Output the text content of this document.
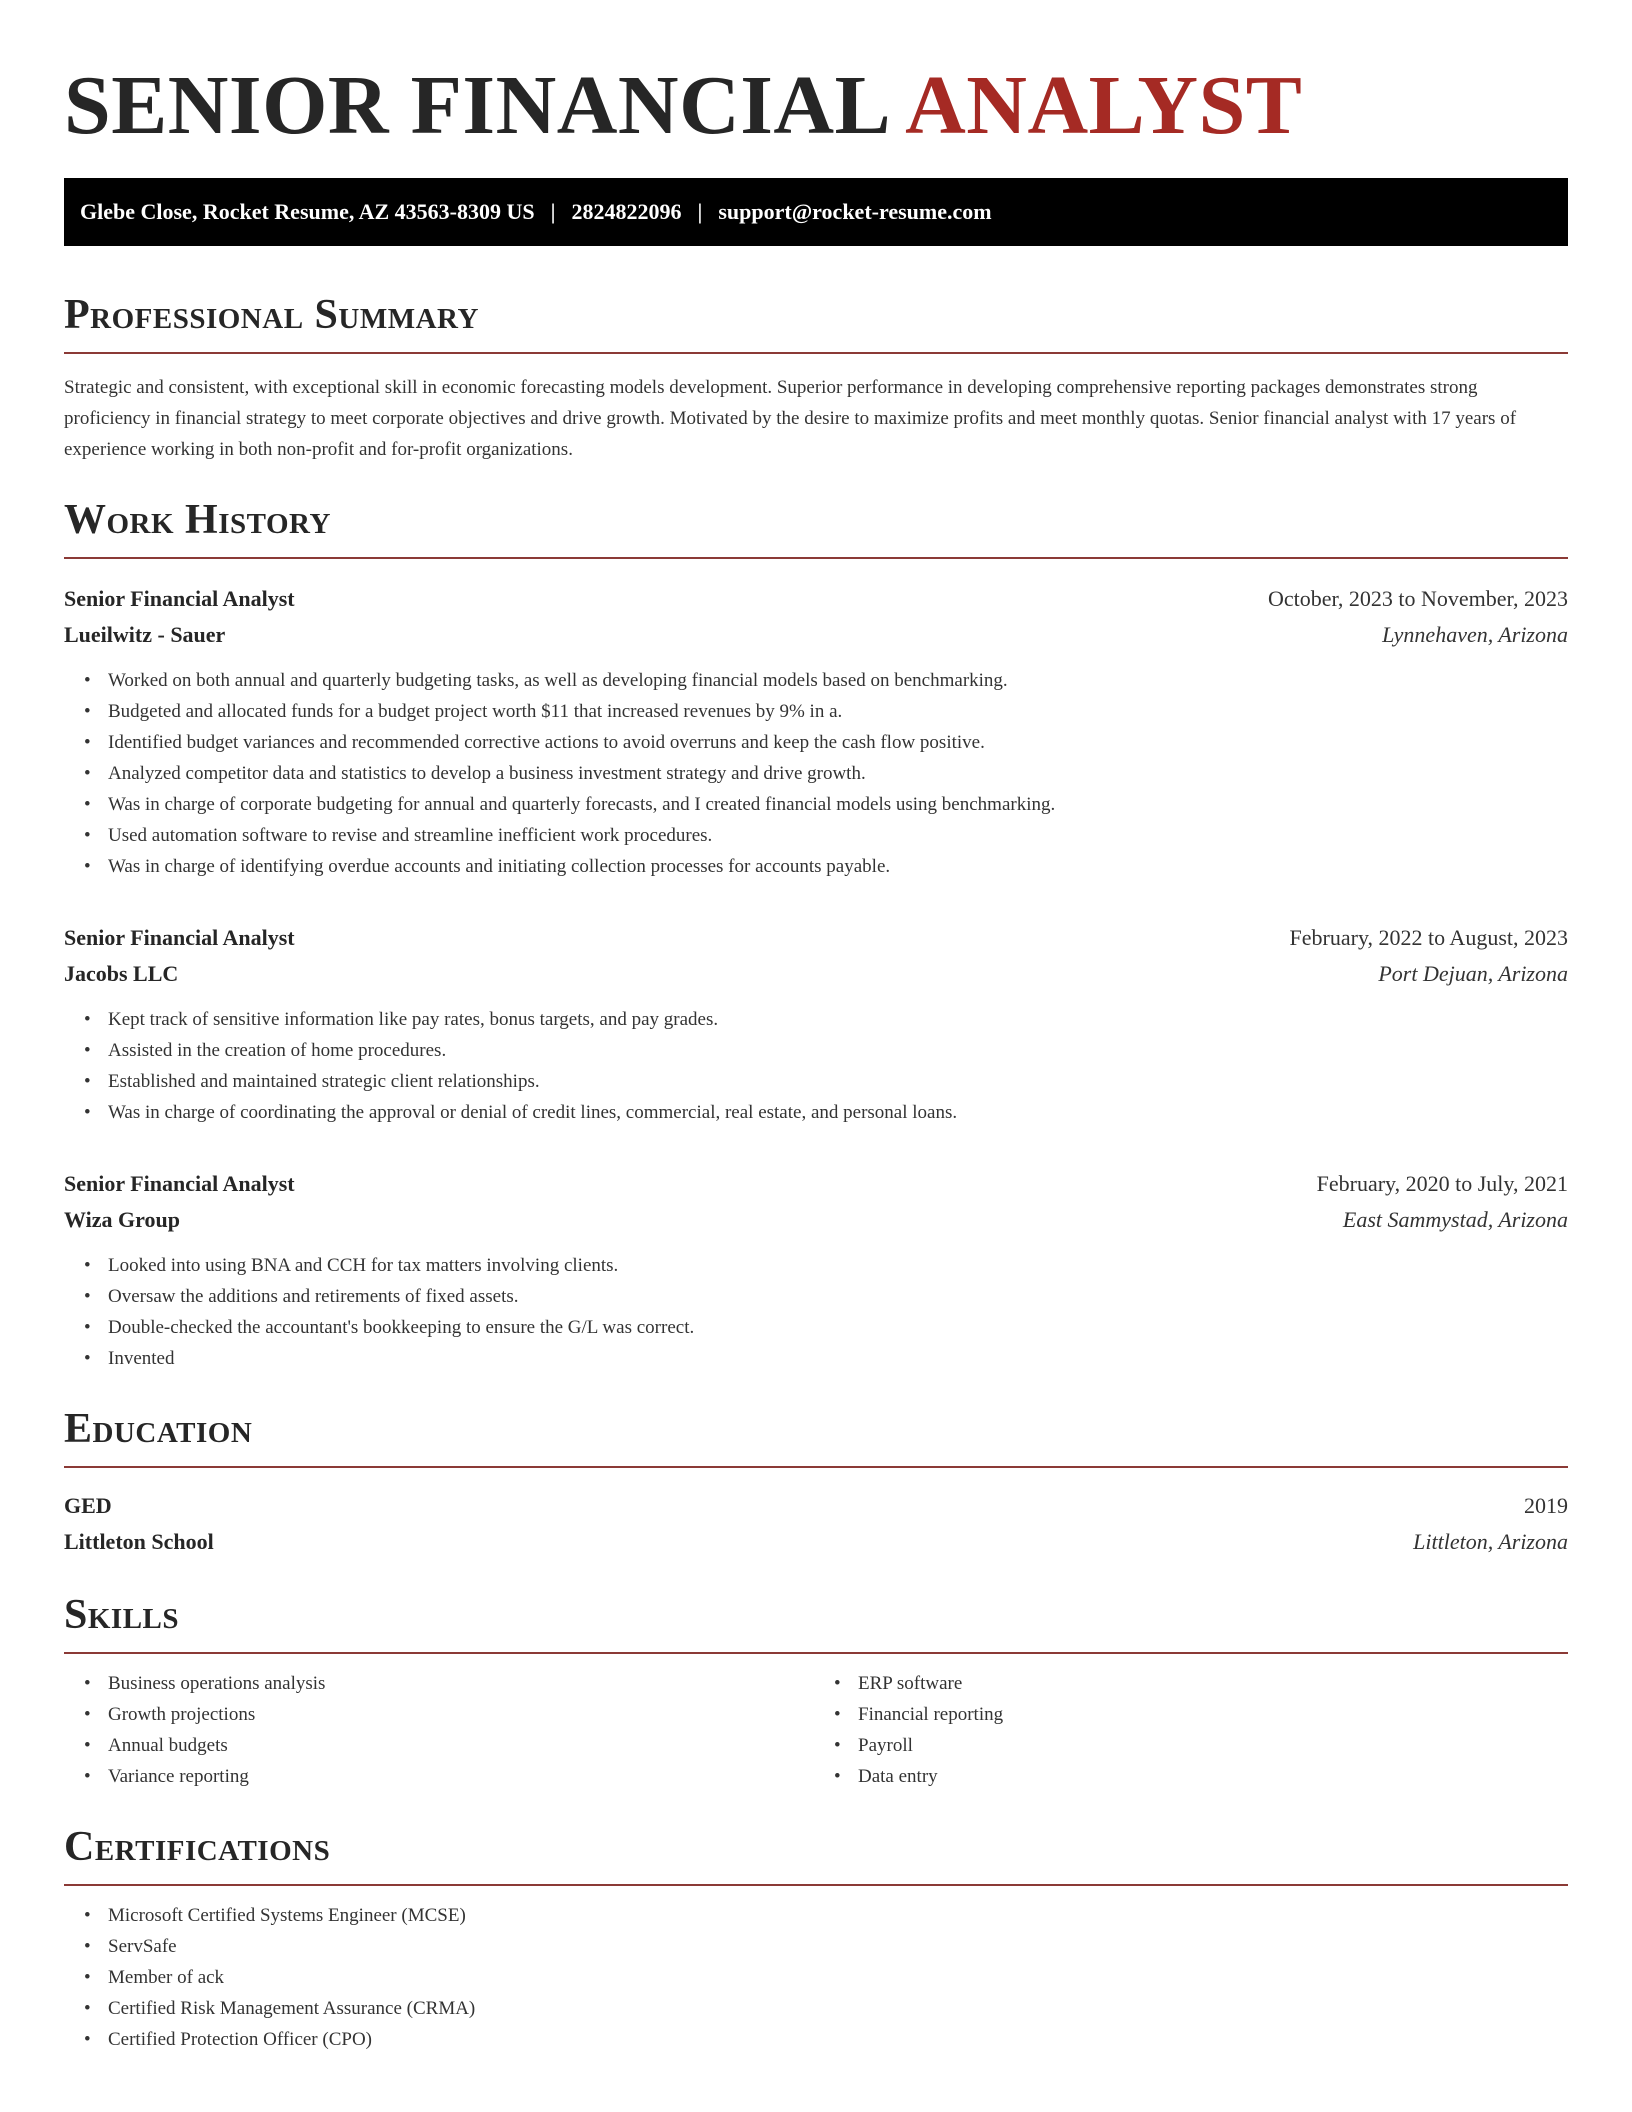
SENIOR FINANCIAL ANALYST
Glebe Close, Rocket Resume, AZ 43563-8309 US | 2824822096 | support@rocket-resume.com
Professional Summary

Strategic and consistent, with exceptional skill in economic forecasting models development. Superior performance in developing comprehensive reporting packages demonstrates strong proficiency in financial strategy to meet corporate objectives and drive growth. Motivated by the desire to maximize profits and meet monthly quotas. Senior financial analyst with 17 years of experience working in both non-profit and for-profit organizations.

Work History
Senior Financial Analyst	October, 2023 to November, 2023
Lueilwitz - Sauer	Lynnehaven, Arizona
• Worked on both annual and quarterly budgeting tasks, as well as developing financial models based on benchmarking.
• Budgeted and allocated funds for a budget project worth $11 that increased revenues by 9% in a.
• Identified budget variances and recommended corrective actions to avoid overruns and keep the cash flow positive.
• Analyzed competitor data and statistics to develop a business investment strategy and drive growth.
• Was in charge of corporate budgeting for annual and quarterly forecasts, and I created financial models using benchmarking.
• Used automation software to revise and streamline inefficient work procedures.
• Was in charge of identifying overdue accounts and initiating collection processes for accounts payable.
Senior Financial Analyst	February, 2022 to August, 2023
Jacobs LLC	Port Dejuan, Arizona
• Kept track of sensitive information like pay rates, bonus targets, and pay grades.
• Assisted in the creation of home procedures.
• Established and maintained strategic client relationships.
• Was in charge of coordinating the approval or denial of credit lines, commercial, real estate, and personal loans.
Senior Financial Analyst	February, 2020 to July, 2021
Wiza Group	East Sammystad, Arizona
• Looked into using BNA and CCH for tax matters involving clients.
• Oversaw the additions and retirements of fixed assets.
• Double-checked the accountant's bookkeeping to ensure the G/L was correct.
• Invented
Education
GED	2019
Littleton School	Littleton, Arizona
Skills
• Business operations analysis
• Growth projections
• Annual budgets
• Variance reporting
• ERP software
• Financial reporting
• Payroll
• Data entry
Certifications
• Microsoft Certified Systems Engineer (MCSE)
• ServSafe
• Member of ack
• Certified Risk Management Assurance (CRMA)
• Certified Protection Officer (CPO)
